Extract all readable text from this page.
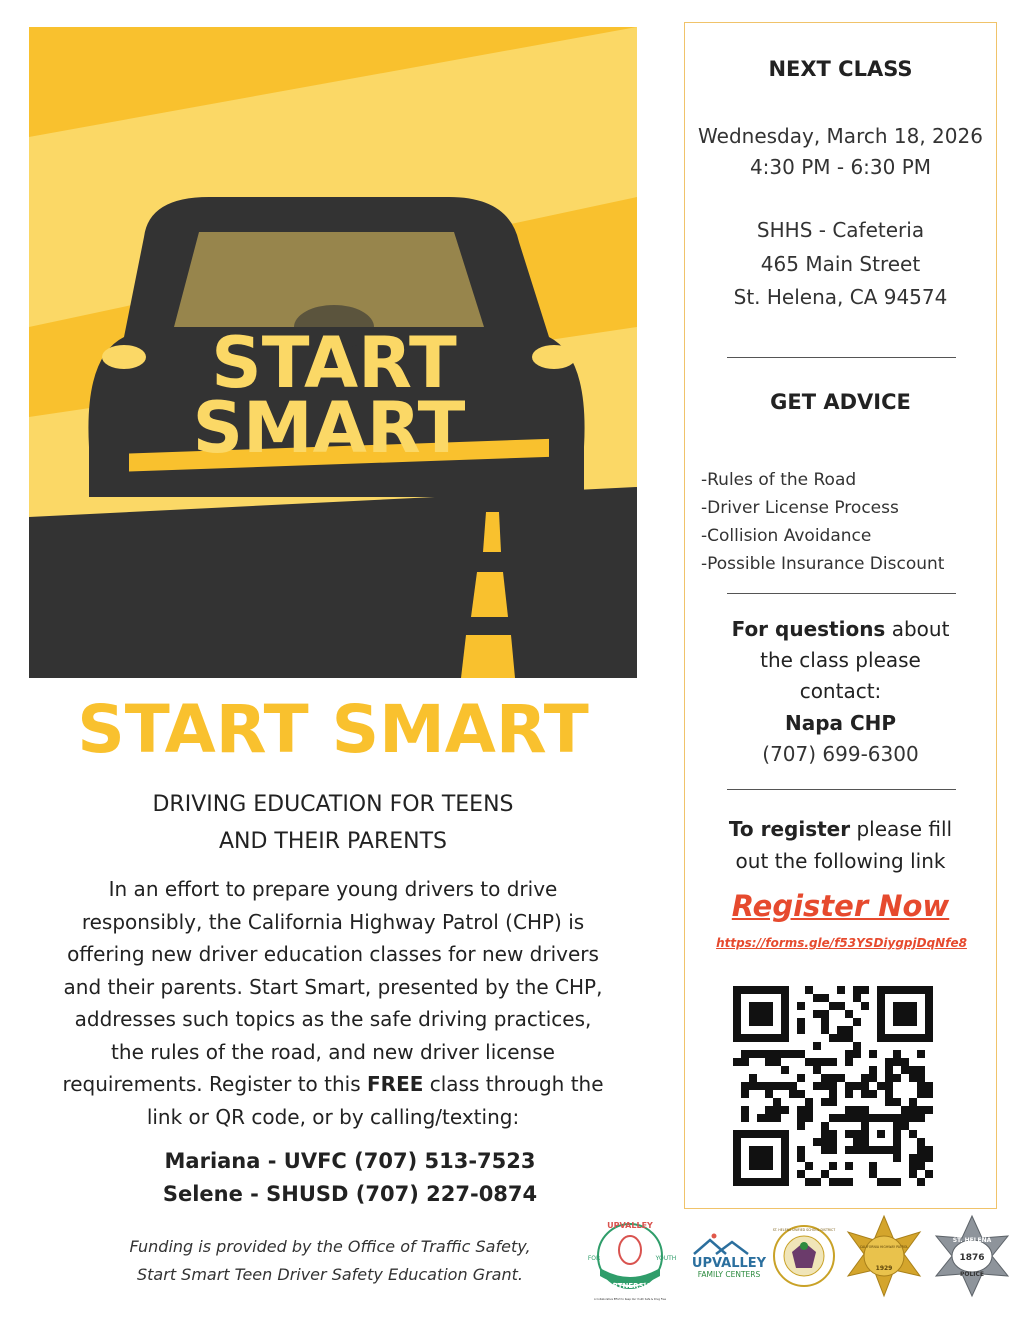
START
SMART
START SMART
DRIVING EDUCATION FOR TEENS
AND THEIR PARENTS
In an effort to prepare young drivers to drive
responsibly, the California Highway Patrol (CHP) is
offering new driver education classes for new drivers
and their parents. Start Smart, presented by the CHP,
addresses such topics as the safe driving practices,
the rules of the road, and new driver license
requirements. Register to this FREE class through the
link or QR code, or by calling/texting:
Mariana - UVFC (707) 513-7523
Selene - SHUSD (707) 227-0874
Funding is provided by the Office of Traffic Safety,
Start Smart Teen Driver Safety Education Grant.
UPVALLEY
FOR	YOUTH
PARTNERSHIP
A Collaborative Effort to Keep Our Youth Safe & Drug Free
UPVALLEY
FAMILY CENTERS
ST. HELENA UNIFIED SCHOOL DISTRICT
CALIFORNIA HIGHWAY PATROL
1929
ST. HELENA
1876
POLICE
NEXT CLASS
Wednesday, March 18, 2026
4:30 PM - 6:30 PM
SHHS - Cafeteria
465 Main Street
St. Helena, CA 94574
GET ADVICE
-Rules of the Road
-Driver License Process
-Collision Avoidance
-Possible Insurance Discount
For questions about
the class please
contact:
Napa CHP
(707) 699-6300
To register please fill
out the following link
Register Now
https://forms.gle/f53YSDiygpjDqNfe8
